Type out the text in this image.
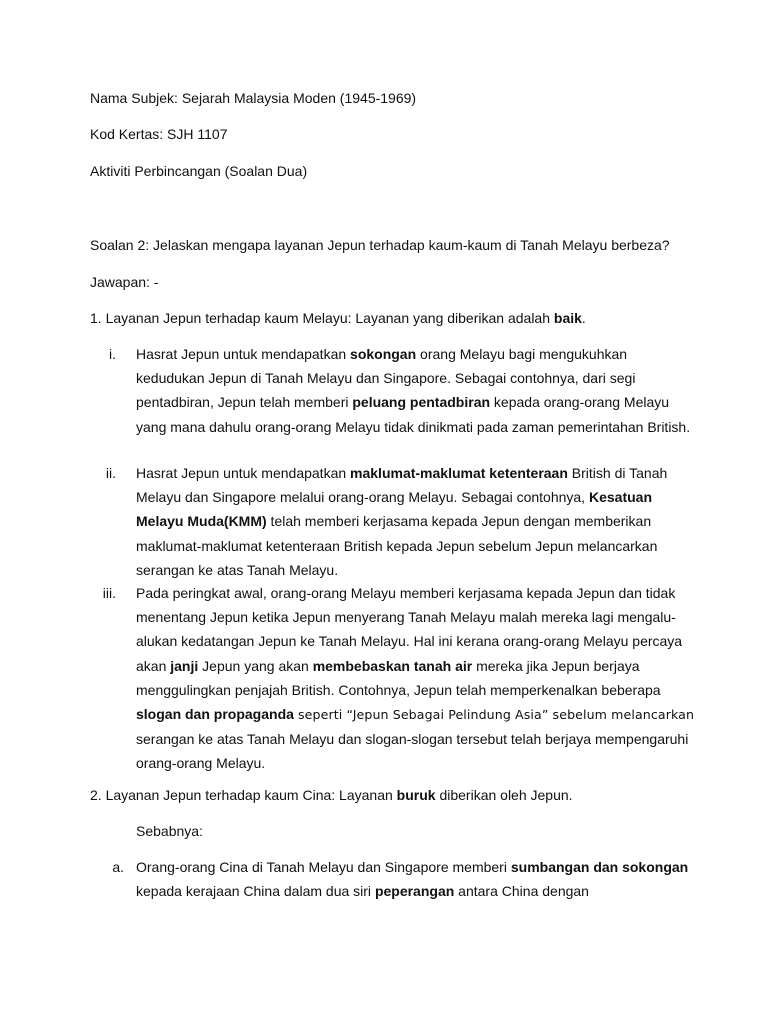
Nama Subjek: Sejarah Malaysia Moden (1945-1969)
Kod Kertas: SJH 1107
Aktiviti Perbincangan (Soalan Dua)
Soalan 2: Jelaskan mengapa layanan Jepun terhadap kaum-kaum di Tanah Melayu berbeza?
Jawapan: -
1. Layanan Jepun terhadap kaum Melayu: Layanan yang diberikan adalah baik.
i. Hasrat Jepun untuk mendapatkan sokongan orang Melayu bagi mengukuhkan kedudukan Jepun di Tanah Melayu dan Singapore. Sebagai contohnya, dari segi pentadbiran, Jepun telah memberi peluang pentadbiran kepada orang-orang Melayu yang mana dahulu orang-orang Melayu tidak dinikmati pada zaman pemerintahan British.
ii. Hasrat Jepun untuk mendapatkan maklumat-maklumat ketenteraan British di Tanah Melayu dan Singapore melalui orang-orang Melayu. Sebagai contohnya, Kesatuan Melayu Muda(KMM) telah memberi kerjasama kepada Jepun dengan memberikan maklumat-maklumat ketenteraan British kepada Jepun sebelum Jepun melancarkan serangan ke atas Tanah Melayu.
iii. Pada peringkat awal, orang-orang Melayu memberi kerjasama kepada Jepun dan tidak menentang Jepun ketika Jepun menyerang Tanah Melayu malah mereka lagi mengalu-alukan kedatangan Jepun ke Tanah Melayu. Hal ini kerana orang-orang Melayu percaya akan janji Jepun yang akan membebaskan tanah air mereka jika Jepun berjaya menggulingkan penjajah British. Contohnya, Jepun telah memperkenalkan beberapa slogan dan propaganda seperti “Jepun Sebagai Pelindung Asia” sebelum melancarkan serangan ke atas Tanah Melayu dan slogan-slogan tersebut telah berjaya mempengaruhi orang-orang Melayu.
2. Layanan Jepun terhadap kaum Cina: Layanan buruk diberikan oleh Jepun.
Sebabnya:
a. Orang-orang Cina di Tanah Melayu dan Singapore memberi sumbangan dan sokongan kepada kerajaan China dalam dua siri peperangan antara China dengan
